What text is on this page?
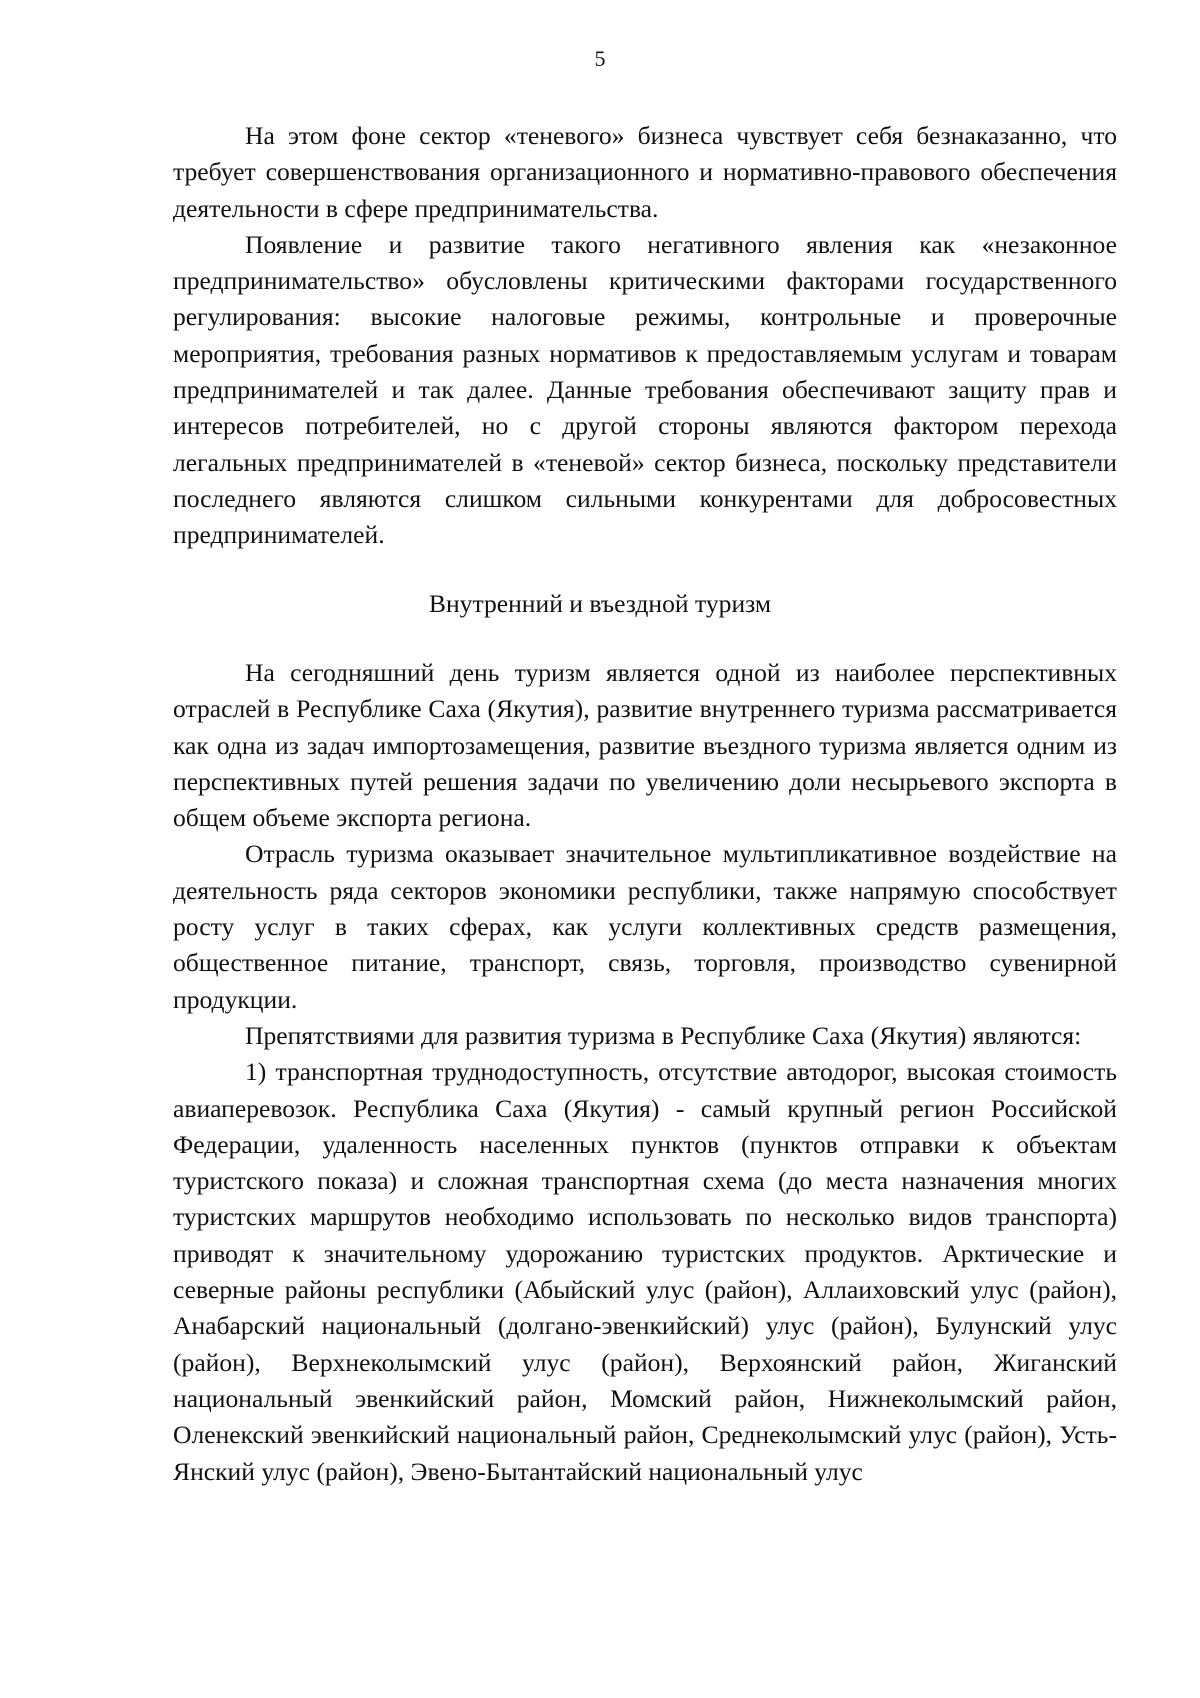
5

На этом фоне сектор «теневого» бизнеса чувствует себя безнаказанно, что требует совершенствования организационного и нормативно-правового обеспечения деятельности в сфере предпринимательства.

Появление и развитие такого негативного явления как «незаконное предпринимательство» обусловлены критическими факторами государственного регулирования: высокие налоговые режимы, контрольные и проверочные мероприятия, требования разных нормативов к предоставляемым услугам и товарам предпринимателей и так далее. Данные требования обеспечивают защиту прав и интересов потребителей, но с другой стороны являются фактором перехода легальных предпринимателей в «теневой» сектор бизнеса, поскольку представители последнего являются слишком сильными конкурентами для добросовестных предпринимателей.

Внутренний и въездной туризм

На сегодняшний день туризм является одной из наиболее перспективных отраслей в Республике Саха (Якутия), развитие внутреннего туризма рассматривается как одна из задач импортозамещения, развитие въездного туризма является одним из перспективных путей решения задачи по увеличению доли несырьевого экспорта в общем объеме экспорта региона.

Отрасль туризма оказывает значительное мультипликативное воздействие на деятельность ряда секторов экономики республики, также напрямую способствует росту услуг в таких сферах, как услуги коллективных средств размещения, общественное питание, транспорт, связь, торговля, производство сувенирной продукции.

Препятствиями для развития туризма в Республике Саха (Якутия) являются:

1) транспортная труднодоступность, отсутствие автодорог, высокая стоимость авиаперевозок. Республика Саха (Якутия) - самый крупный регион Российской Федерации, удаленность населенных пунктов (пунктов отправки к объектам туристского показа) и сложная транспортная схема (до места назначения многих туристских маршрутов необходимо использовать по несколько видов транспорта) приводят к значительному удорожанию туристских продуктов. Арктические и северные районы республики (Абыйский улус (район), Аллаиховский улус (район), Анабарский национальный (долгано-эвенкийский) улус (район), Булунский улус (район), Верхнеколымский улус (район), Верхоянский район, Жиганский национальный эвенкийский район, Момский район, Нижнеколымский район, Оленекский эвенкийский национальный район, Среднеколымский улус (район), Усть-Янский улус (район), Эвено-Бытантайский национальный улус
